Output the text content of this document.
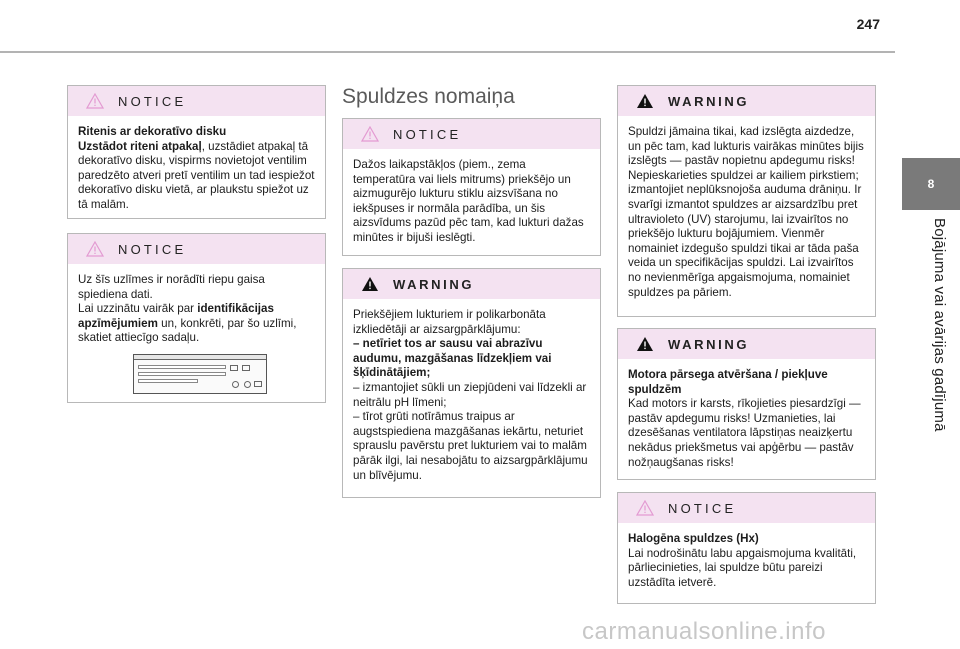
247
8
Bojājuma vai avārijas gadījumā
NOTICE

Ritenis ar dekoratīvo disku

Uzstādot riteni atpakaļ, uzstādiet atpakaļ tā dekoratīvo disku, vispirms novietojot ventilim paredzēto atveri pretī ventilim un tad iespiežot dekoratīvo disku vietā, ar plaukstu spiežot uz tā malām.

NOTICE

Uz šīs uzlīmes ir norādīti riepu gaisa spiediena dati.

Lai uzzinātu vairāk par identifikācijas apzīmējumiem un, konkrēti, par šo uzlīmi, skatiet attiecīgo sadaļu.

Spuldzes nomaiņa
NOTICE

Dažos laikapstākļos (piem., zema temperatūra vai liels mitrums) priekšējo un aizmugurējo lukturu stiklu aizsvīšana no iekšpuses ir normāla parādība, un šis aizsvīdums pazūd pēc tam, kad lukturi dažas minūtes ir bijuši ieslēgti.

WARNING

Priekšējiem lukturiem ir polikarbonāta izkliedētāji ar aizsargpārklājumu:

– netīriet tos ar sausu vai abrazīvu audumu, mazgāšanas līdzekļiem vai šķīdinātājiem;

– izmantojiet sūkli un ziepjūdeni vai līdzekli ar neitrālu pH līmeni;

– tīrot grūti notīrāmus traipus ar augstspiediena mazgāšanas iekārtu, neturiet sprauslu pavērstu pret lukturiem vai to malām pārāk ilgi, lai nesabojātu to aizsargpārklājumu un blīvējumu.

WARNING

Spuldzi jāmaina tikai, kad izslēgta aizdedze, un pēc tam, kad lukturis vairākas minūtes bijis izslēgts — pastāv nopietnu apdegumu risks! Nepieskarieties spuldzei ar kailiem pirkstiem; izmantojiet neplūksnojoša auduma drāniņu. Ir svarīgi izmantot spuldzes ar aizsardzību pret ultravioleto (UV) starojumu, lai izvairītos no priekšējo lukturu bojājumiem. Vienmēr nomainiet izdegušo spuldzi tikai ar tāda paša veida un specifikācijas spuldzi. Lai izvairītos no nevienmērīga apgaismojuma, nomainiet spuldzes pa pāriem.

WARNING

Motora pārsega atvēršana / piekļuve spuldzēm

Kad motors ir karsts, rīkojieties piesardzīgi — pastāv apdegumu risks! Uzmanieties, lai dzesēšanas ventilatora lāpstiņas neaizķertu nekādus priekšmetus vai apģērbu — pastāv nožņaugšanas risks!

NOTICE

Halogēna spuldzes (Hx)

Lai nodrošinātu labu apgaismojuma kvalitāti, pārliecinieties, lai spuldze būtu pareizi uzstādīta ietverē.

carmanualsonline.info
